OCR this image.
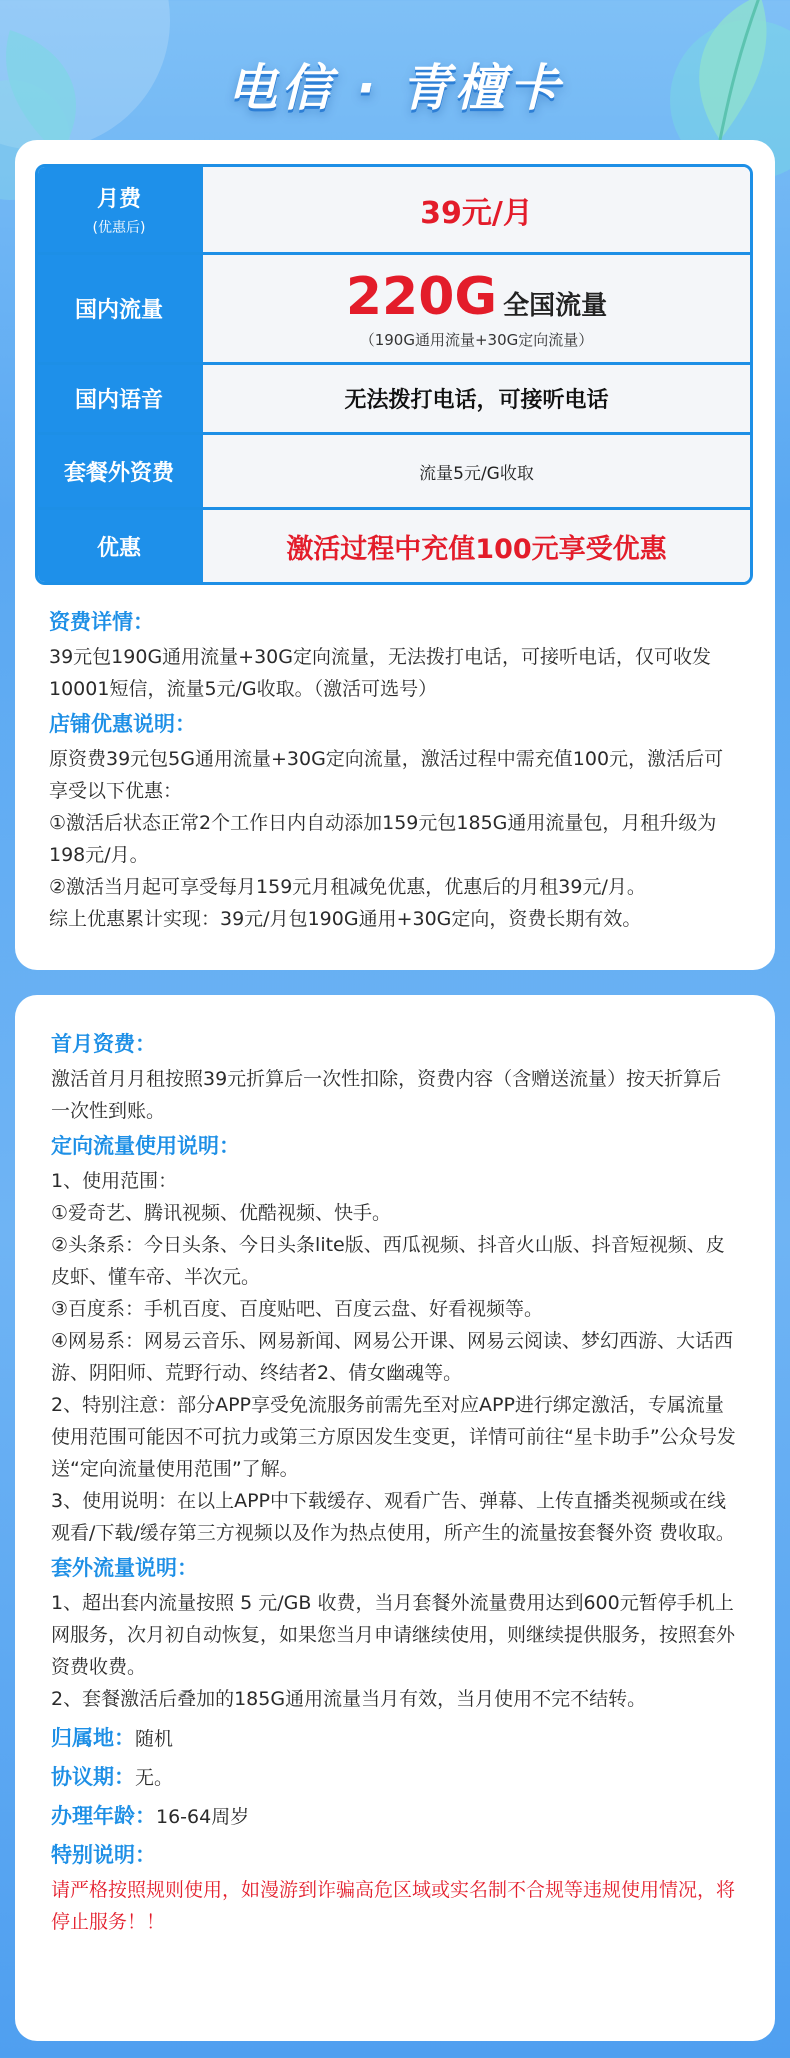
电信 · 青檀卡
月费
(优惠后)	39元/月
国内流量	220G 全国流量
（190G通用流量+30G定向流量）

国内语音	无法拨打电话，可接听电话
套餐外资费	流量5元/G收取
优惠	激活过程中充值100元享受优惠
资费详情：

39元包190G通用流量+30G定向流量，无法拨打电话，可接听电话，仅可收发10001短信，流量5元/G收取。（激活可选号）

店铺优惠说明：

原资费39元包5G通用流量+30G定向流量，激活过程中需充值100元，激活后可享受以下优惠：

①激活后状态正常2个工作日内自动添加159元包185G通用流量包，月租升级为198元/月。

②激活当月起可享受每月159元月租减免优惠，优惠后的月租39元/月。

综上优惠累计实现：39元/月包190G通用+30G定向，资费长期有效。

首月资费：

激活首月月租按照39元折算后一次性扣除，资费内容（含赠送流量）按天折算后一次性到账。

定向流量使用说明：

1、使用范围：

①爱奇艺、腾讯视频、优酷视频、快手。

②头条系：今日头条、今日头条lite版、西瓜视频、抖音火山版、抖音短视频、皮皮虾、懂车帝、半次元。

③百度系：手机百度、百度贴吧、百度云盘、好看视频等。

④网易系：网易云音乐、网易新闻、网易公开课、网易云阅读、梦幻西游、大话西游、阴阳师、荒野行动、终结者2、倩女幽魂等。

2、特别注意：部分APP享受免流服务前需先至对应APP进行绑定激活，专属流量使用范围可能因不可抗力或第三方原因发生变更，详情可前往“星卡助手”公众号发送“定向流量使用范围”了解。

3、使用说明：在以上APP中下载缓存、观看广告、弹幕、上传直播类视频或在线观看/下载/缓存第三方视频以及作为热点使用，所产生的流量按套餐外资 费收取。

套外流量说明：

1、超出套内流量按照 5 元/GB 收费，当月套餐外流量费用达到600元暂停手机上网服务，次月初自动恢复，如果您当月申请继续使用，则继续提供服务，按照套外资费收费。

2、套餐激活后叠加的185G通用流量当月有效，当月使用不完不结转。

归属地：随机

协议期：无。

办理年龄：16-64周岁

特别说明：

请严格按照规则使用，如漫游到诈骗高危区域或实名制不合规等违规使用情况，将停止服务！！
